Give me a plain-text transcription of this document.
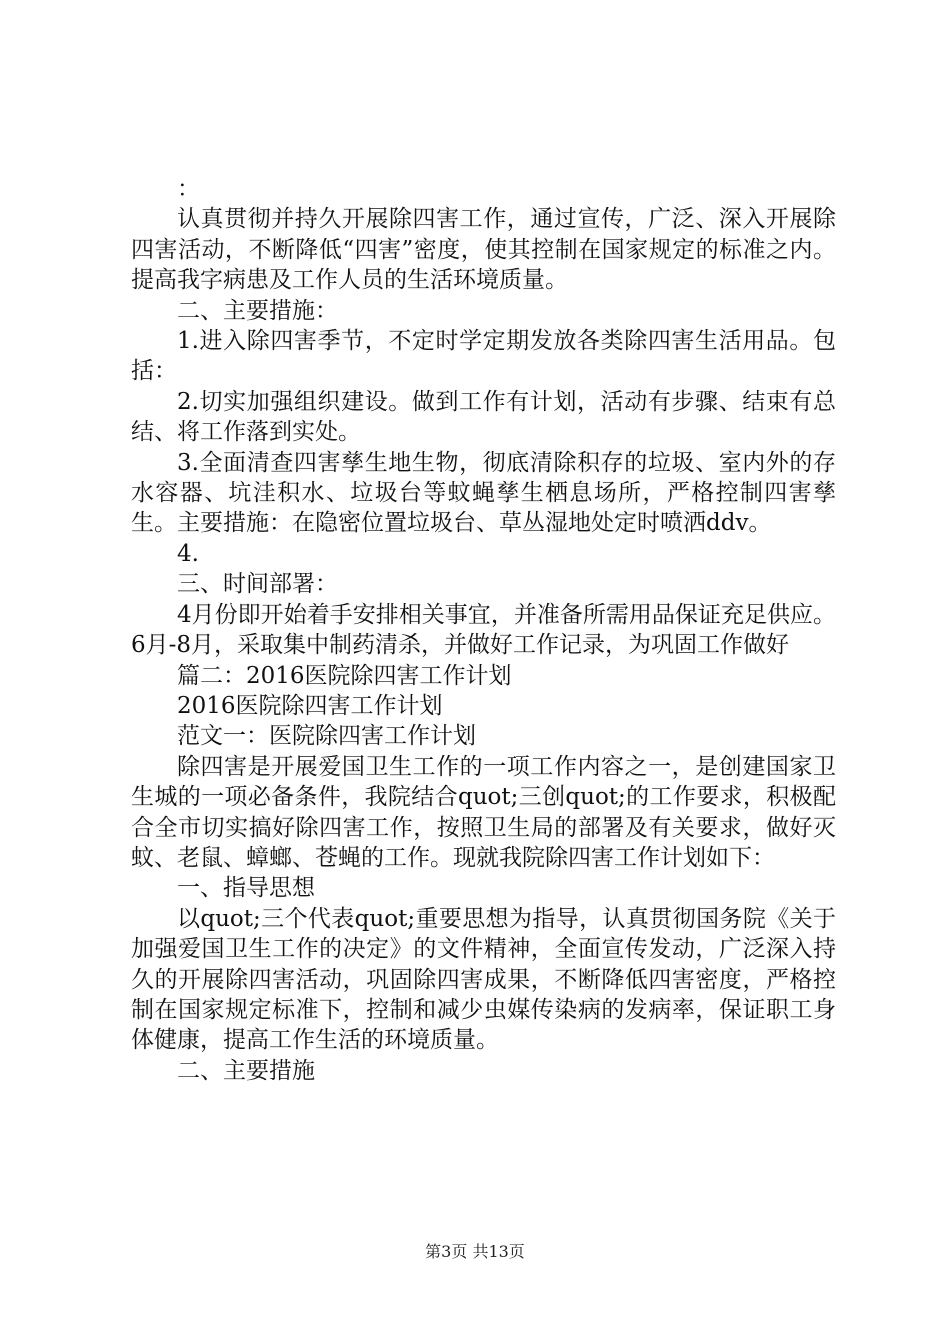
：

认真贯彻并持久开展除四害工作，通过宣传，广泛、深入开展除四害活动，不断降低“四害”密度，使其控制在国家规定的标准之内。提高我字病患及工作人员的生活环境质量。

二、主要措施：

1.进入除四害季节，不定时学定期发放各类除四害生活用品。包括：

2.切实加强组织建设。做到工作有计划，活动有步骤、结束有总结、将工作落到实处。

3.全面清查四害孳生地生物，彻底清除积存的垃圾、室内外的存水容器、坑洼积水、垃圾台等蚊蝇孳生栖息场所，严格控制四害孳生。主要措施：在隐密位置垃圾台、草丛湿地处定时喷洒ddv。

4.

三、时间部署：

4月份即开始着手安排相关事宜，并准备所需用品保证充足供应。6月-8月，采取集中制药清杀，并做好工作记录，为巩固工作做好

篇二：2016医院除四害工作计划

2016医院除四害工作计划

范文一：医院除四害工作计划

除四害是开展爱国卫生工作的一项工作内容之一，是创建国家卫生城的一项必备条件，我院结合quot;三创quot;的工作要求，积极配合全市切实搞好除四害工作，按照卫生局的部署及有关要求，做好灭蚊、老鼠、蟑螂、苍蝇的工作。现就我院除四害工作计划如下：

一、指导思想

以quot;三个代表quot;重要思想为指导，认真贯彻国务院《关于加强爱国卫生工作的决定》的文件精神，全面宣传发动，广泛深入持久的开展除四害活动，巩固除四害成果，不断降低四害密度，严格控制在国家规定标准下，控制和减少虫媒传染病的发病率，保证职工身体健康，提高工作生活的环境质量。

二、主要措施

第3页 共13页
